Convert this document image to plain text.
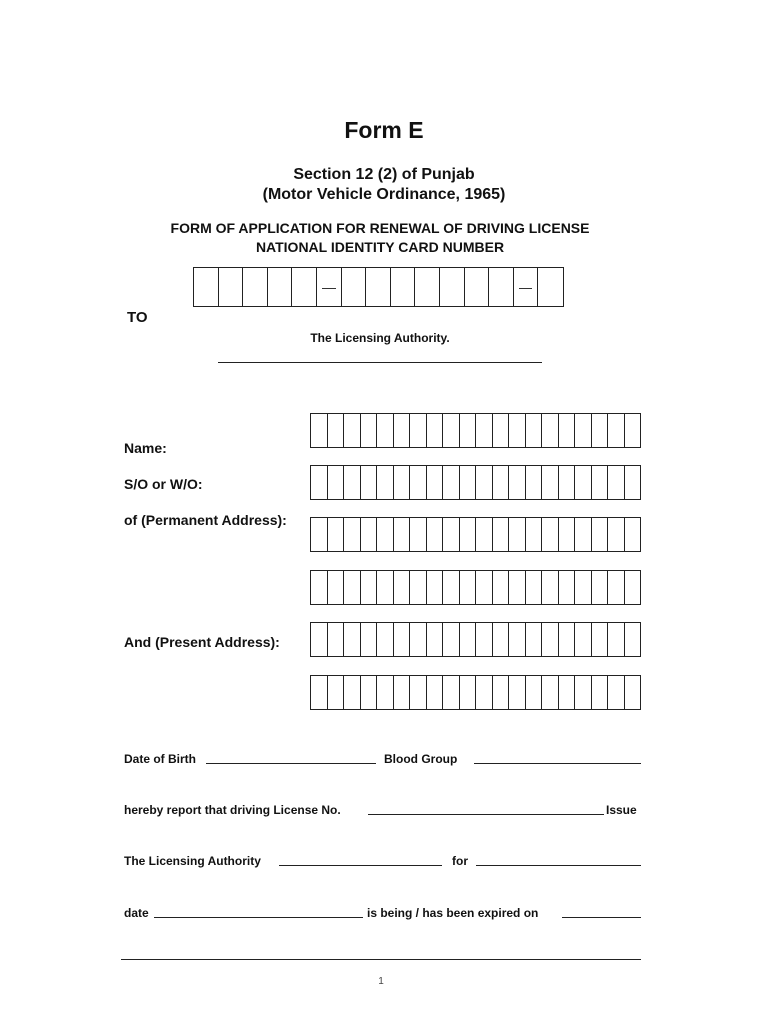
Form E
Section 12 (2) of Punjab
(Motor Vehicle Ordinance, 1965)
FORM OF APPLICATION FOR RENEWAL OF DRIVING LICENSE
NATIONAL IDENTITY CARD NUMBER
TO
The Licensing Authority.
Name:
S/O or W/O:
of (Permanent Address):
And (Present Address):
Date of Birth	Blood Group
hereby report that driving License No.	Issue
The Licensing Authority	for
date	is being / has been expired on
1
